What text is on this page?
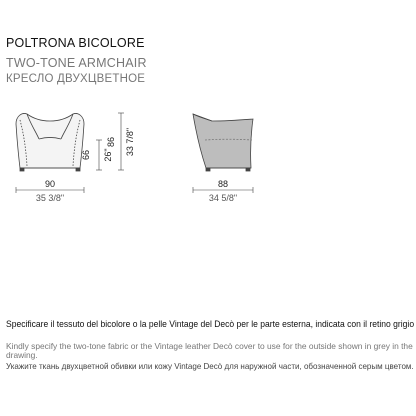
POLTRONA BICOLORE
TWO-TONE ARMCHAIR
КРЕСЛО ДВУХЦВЕТНОЕ
66 26" 33 7/8"
90
35 3/8"
88
34 5/8"
86
Specificare il tessuto del bicolore o la pelle Vintage del Decò per le parte esterna, indicata con il retino grigio
Kindly specify the two-tone fabric or the Vintage leather Decò cover to use for the outside shown in grey in the
drawing.
Укажите ткань двухцветной обивки или кожу Vintage Decò для наружной части, обозначенной серым цветом.
